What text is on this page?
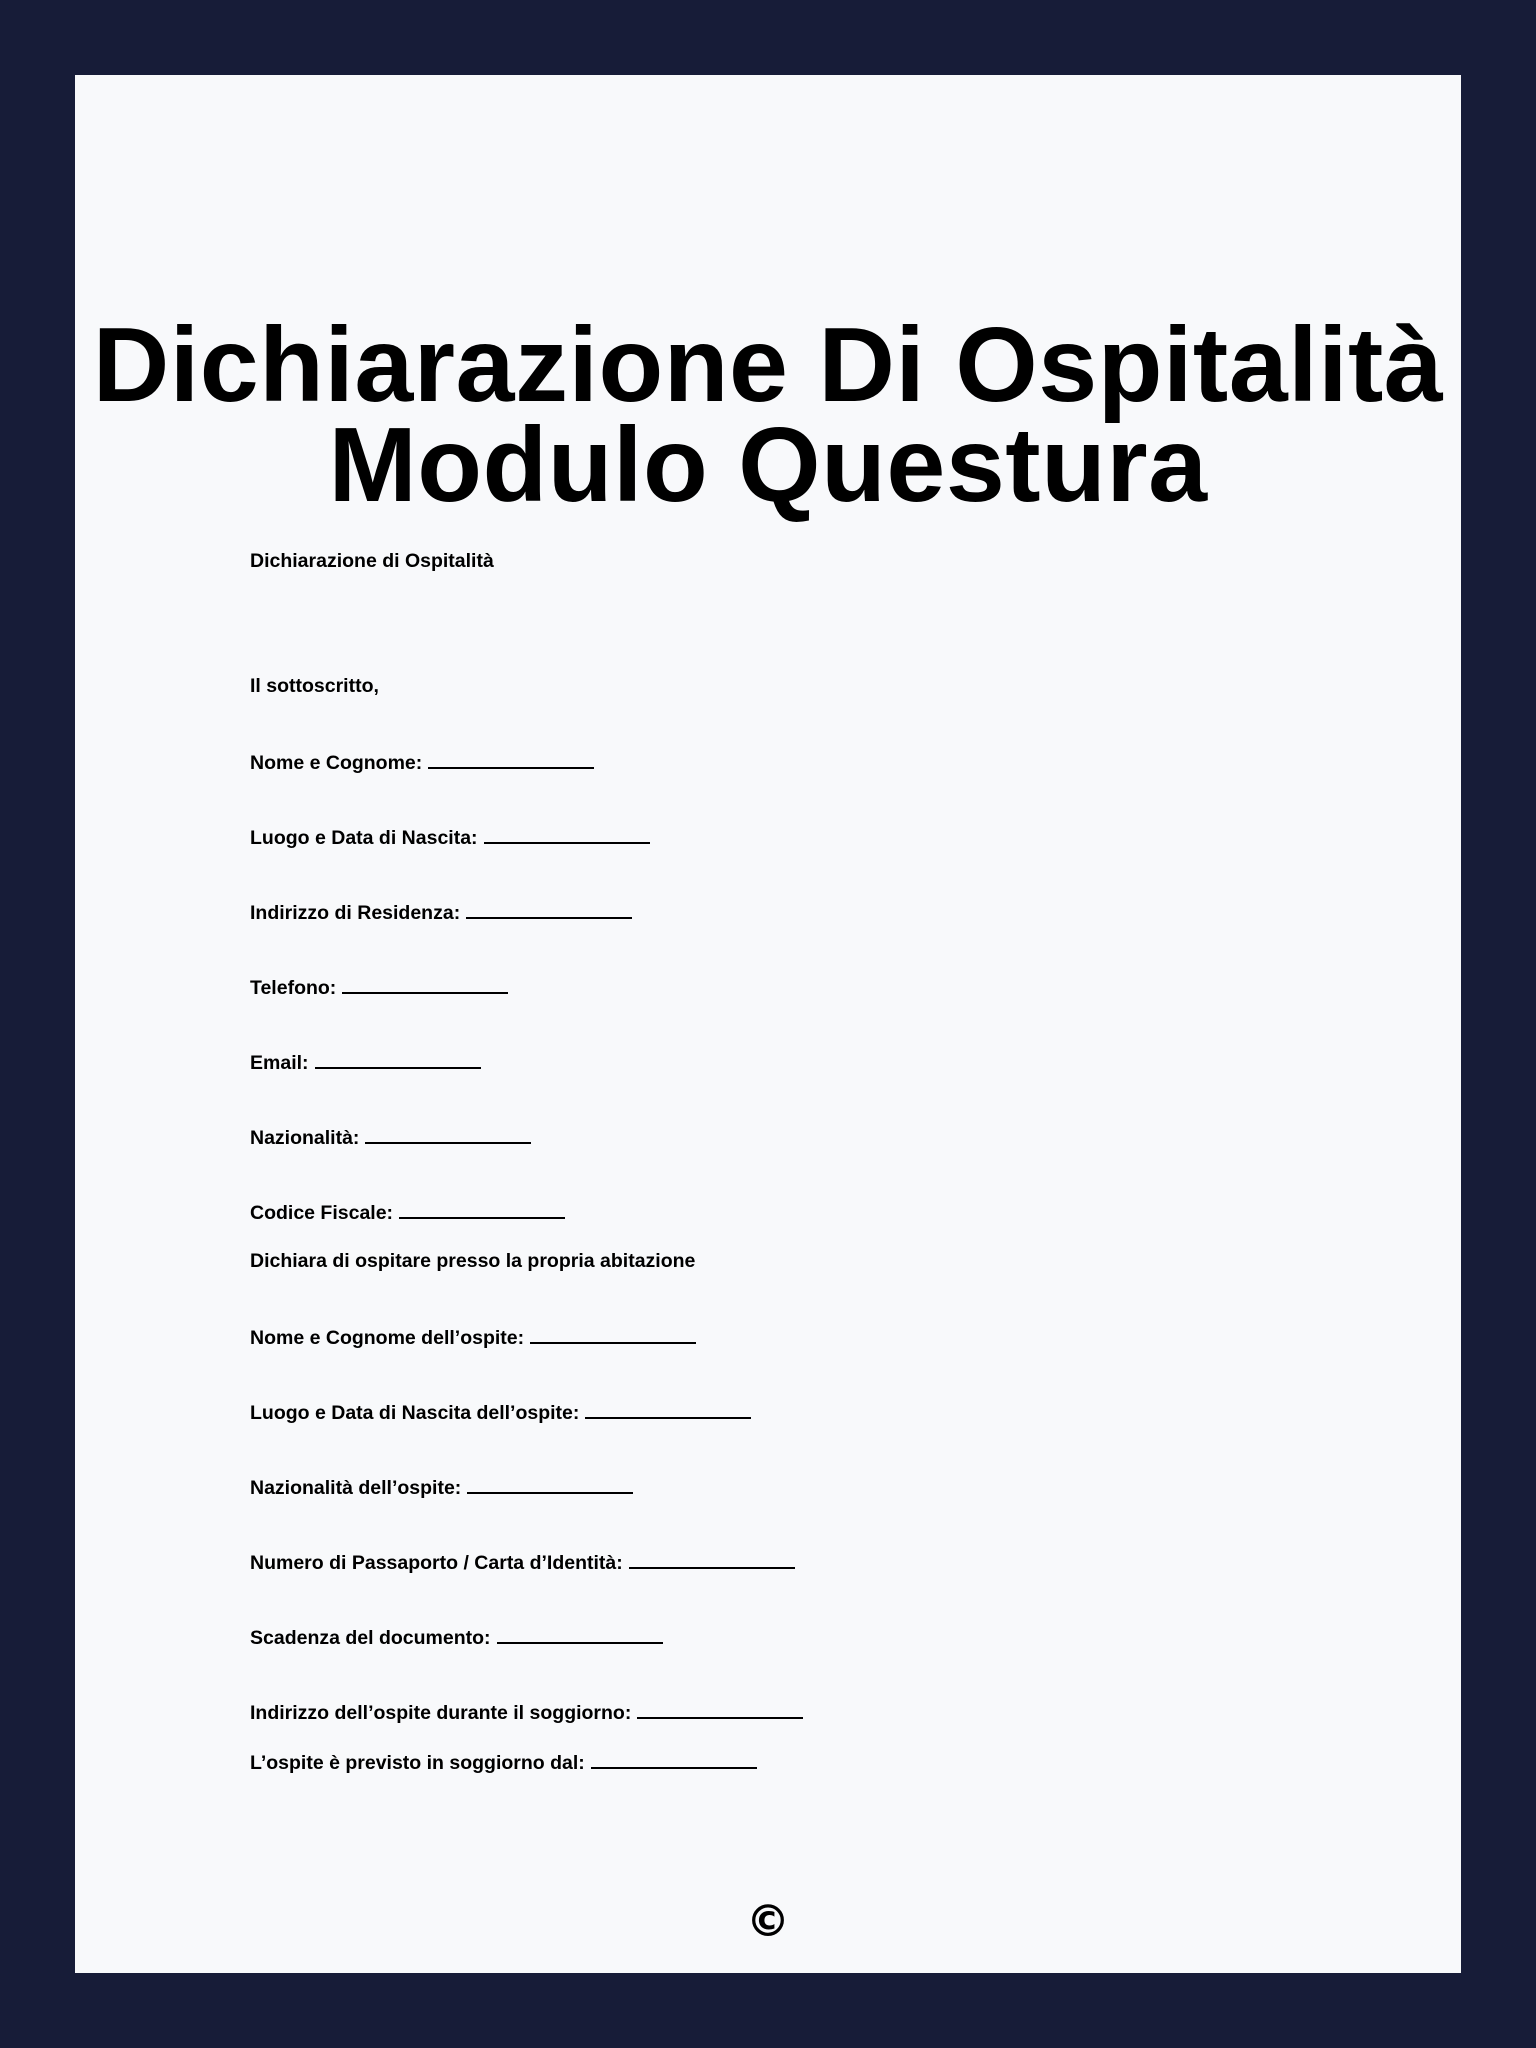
Dichiarazione Di Ospitalità
Modulo Questura
Dichiarazione di Ospitalità
Il sottoscritto,
Nome e Cognome:
Luogo e Data di Nascita:
Indirizzo di Residenza:
Telefono:
Email:
Nazionalità:
Codice Fiscale:
Dichiara di ospitare presso la propria abitazione
Nome e Cognome dell’ospite:
Luogo e Data di Nascita dell’ospite:
Nazionalità dell’ospite:
Numero di Passaporto / Carta d’Identità:
Scadenza del documento:
Indirizzo dell’ospite durante il soggiorno:
L’ospite è previsto in soggiorno dal:
©
